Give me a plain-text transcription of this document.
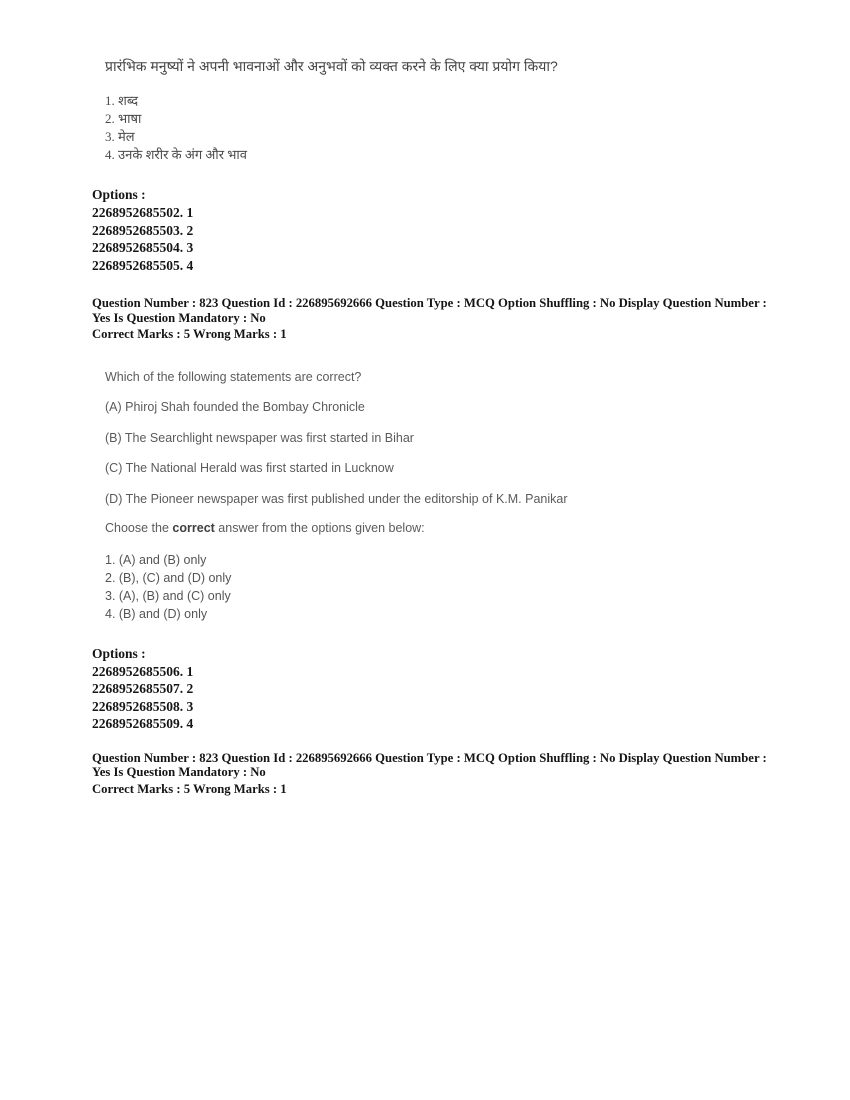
प्रारंभिक मनुष्यों ने अपनी भावनाओं और अनुभवों को व्यक्त करने के लिए क्या प्रयोग किया?

1. शब्द
2. भाषा
3. मेल
4. उनके शरीर के अंग और भाव
Options :
2268952685502. 1
2268952685503. 2
2268952685504. 3
2268952685505. 4
Question Number : 823 Question Id : 226895692666 Question Type : MCQ Option Shuffling : No Display Question Number : Yes Is Question Mandatory : No
Correct Marks : 5 Wrong Marks : 1

Which of the following statements are correct?

(A) Phiroj Shah founded the Bombay Chronicle

(B) The Searchlight newspaper was first started in Bihar

(C) The National Herald was first started in Lucknow

(D) The Pioneer newspaper was first published under the editorship of K.M. Panikar

Choose the correct answer from the options given below:

1. (A) and (B) only
2. (B), (C) and (D) only
3. (A), (B) and (C) only
4. (B) and (D) only
Options :
2268952685506. 1
2268952685507. 2
2268952685508. 3
2268952685509. 4
Question Number : 823 Question Id : 226895692666 Question Type : MCQ Option Shuffling : No Display Question Number : Yes Is Question Mandatory : No
Correct Marks : 5 Wrong Marks : 1
